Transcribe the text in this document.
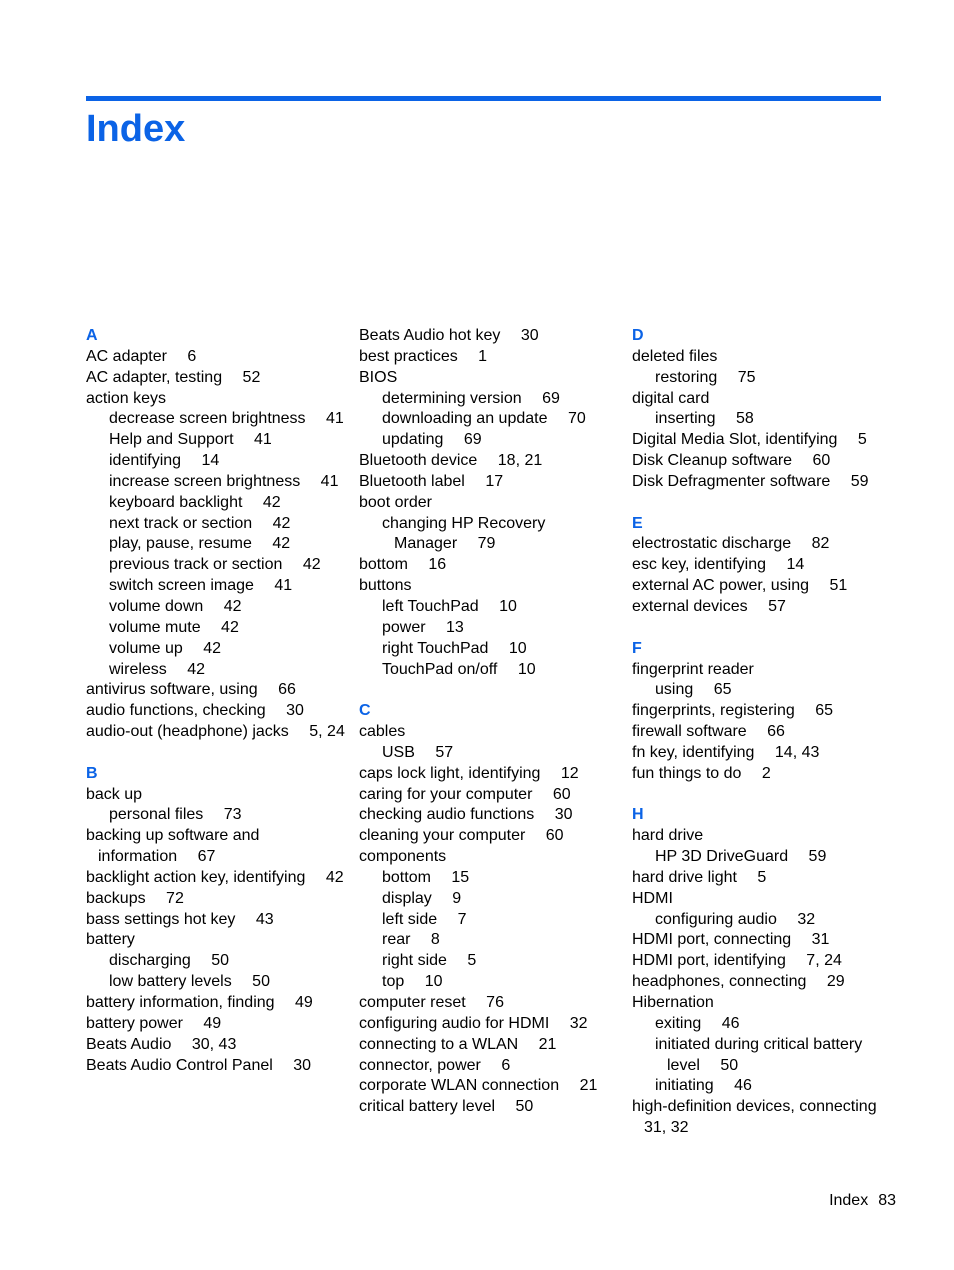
Index
A
AC adapter  6
AC adapter, testing  52
action keys
decrease screen brightness  41
Help and Support  41
identifying  14
increase screen brightness  41
keyboard backlight  42
next track or section  42
play, pause, resume  42
previous track or section  42
switch screen image  41
volume down  42
volume mute  42
volume up  42
wireless  42
antivirus software, using  66
audio functions, checking  30
audio-out (headphone) jacks  5, 24
B
back up
personal files  73
backing up software and information  67
backlight action key, identifying  42
backups  72
bass settings hot key  43
battery
discharging  50
low battery levels  50
battery information, finding  49
battery power  49
Beats Audio  30, 43
Beats Audio Control Panel  30
Beats Audio hot key  30
best practices  1
BIOS
determining version  69
downloading an update  70
updating  69
Bluetooth device  18, 21
Bluetooth label  17
boot order
changing HP Recovery Manager  79
bottom  16
buttons
left TouchPad  10
power  13
right TouchPad  10
TouchPad on/off  10
C
cables
USB  57
caps lock light, identifying  12
caring for your computer  60
checking audio functions  30
cleaning your computer  60
components
bottom  15
display  9
left side  7
rear  8
right side  5
top  10
computer reset  76
configuring audio for HDMI  32
connecting to a WLAN  21
connector, power  6
corporate WLAN connection  21
critical battery level  50
D
deleted files
restoring  75
digital card
inserting  58
Digital Media Slot, identifying  5
Disk Cleanup software  60
Disk Defragmenter software  59
E
electrostatic discharge  82
esc key, identifying  14
external AC power, using  51
external devices  57
F
fingerprint reader
using  65
fingerprints, registering  65
firewall software  66
fn key, identifying  14, 43
fun things to do  2
H
hard drive
HP 3D DriveGuard  59
hard drive light  5
HDMI
configuring audio  32
HDMI port, connecting  31
HDMI port, identifying  7, 24
headphones, connecting  29
Hibernation
exiting  46
initiated during critical battery level  50
initiating  46
high-definition devices, connecting  31, 32
Index 83
